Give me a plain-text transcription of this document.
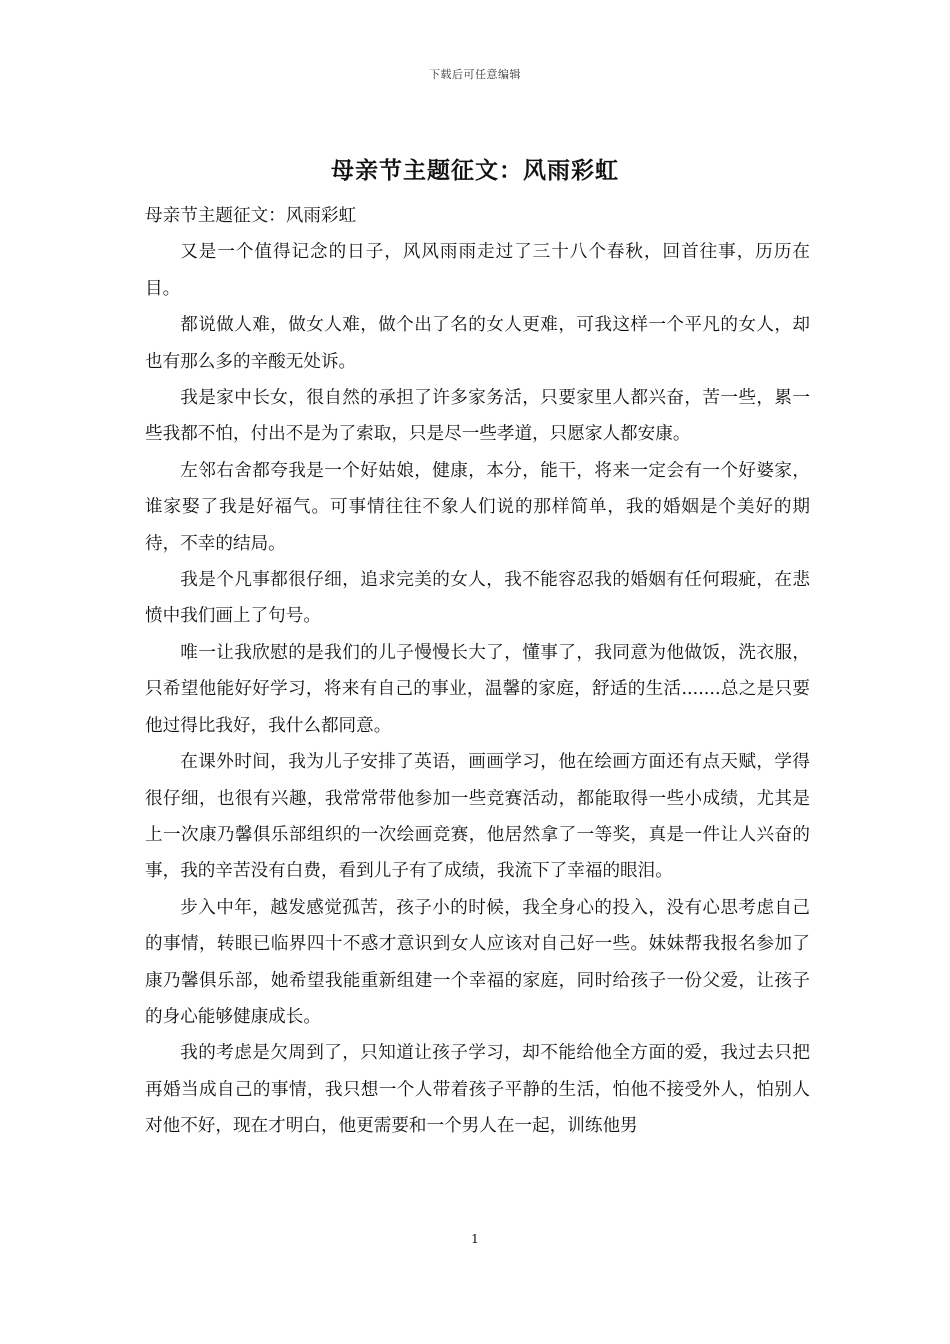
下载后可任意编辑
母亲节主题征文：风雨彩虹

母亲节主题征文：风雨彩虹

又是一个值得记念的日子，风风雨雨走过了三十八个春秋，回首往事，历历在目。

都说做人难，做女人难，做个出了名的女人更难，可我这样一个平凡的女人，却也有那么多的辛酸无处诉。

我是家中长女，很自然的承担了许多家务活，只要家里人都兴奋，苦一些，累一些我都不怕，付出不是为了索取，只是尽一些孝道，只愿家人都安康。

左邻右舍都夸我是一个好姑娘，健康，本分，能干，将来一定会有一个好婆家，谁家娶了我是好福气。可事情往往不象人们说的那样简单，我的婚姻是个美好的期待，不幸的结局。

我是个凡事都很仔细，追求完美的女人，我不能容忍我的婚姻有任何瑕疵，在悲愤中我们画上了句号。

唯一让我欣慰的是我们的儿子慢慢长大了，懂事了，我同意为他做饭，洗衣服，只希望他能好好学习，将来有自己的事业，温馨的家庭，舒适的生活.......总之是只要他过得比我好，我什么都同意。

在课外时间，我为儿子安排了英语，画画学习，他在绘画方面还有点天赋，学得很仔细，也很有兴趣，我常常带他参加一些竞赛活动，都能取得一些小成绩，尤其是上一次康乃馨俱乐部组织的一次绘画竞赛，他居然拿了一等奖，真是一件让人兴奋的事，我的辛苦没有白费，看到儿子有了成绩，我流下了幸福的眼泪。

步入中年，越发感觉孤苦，孩子小的时候，我全身心的投入，没有心思考虑自己的事情，转眼已临界四十不惑才意识到女人应该对自己好一些。妹妹帮我报名参加了康乃馨俱乐部，她希望我能重新组建一个幸福的家庭，同时给孩子一份父爱，让孩子的身心能够健康成长。

我的考虑是欠周到了，只知道让孩子学习，却不能给他全方面的爱，我过去只把再婚当成自己的事情，我只想一个人带着孩子平静的生活，怕他不接受外人，怕别人对他不好，现在才明白，他更需要和一个男人在一起，训练他男

1
